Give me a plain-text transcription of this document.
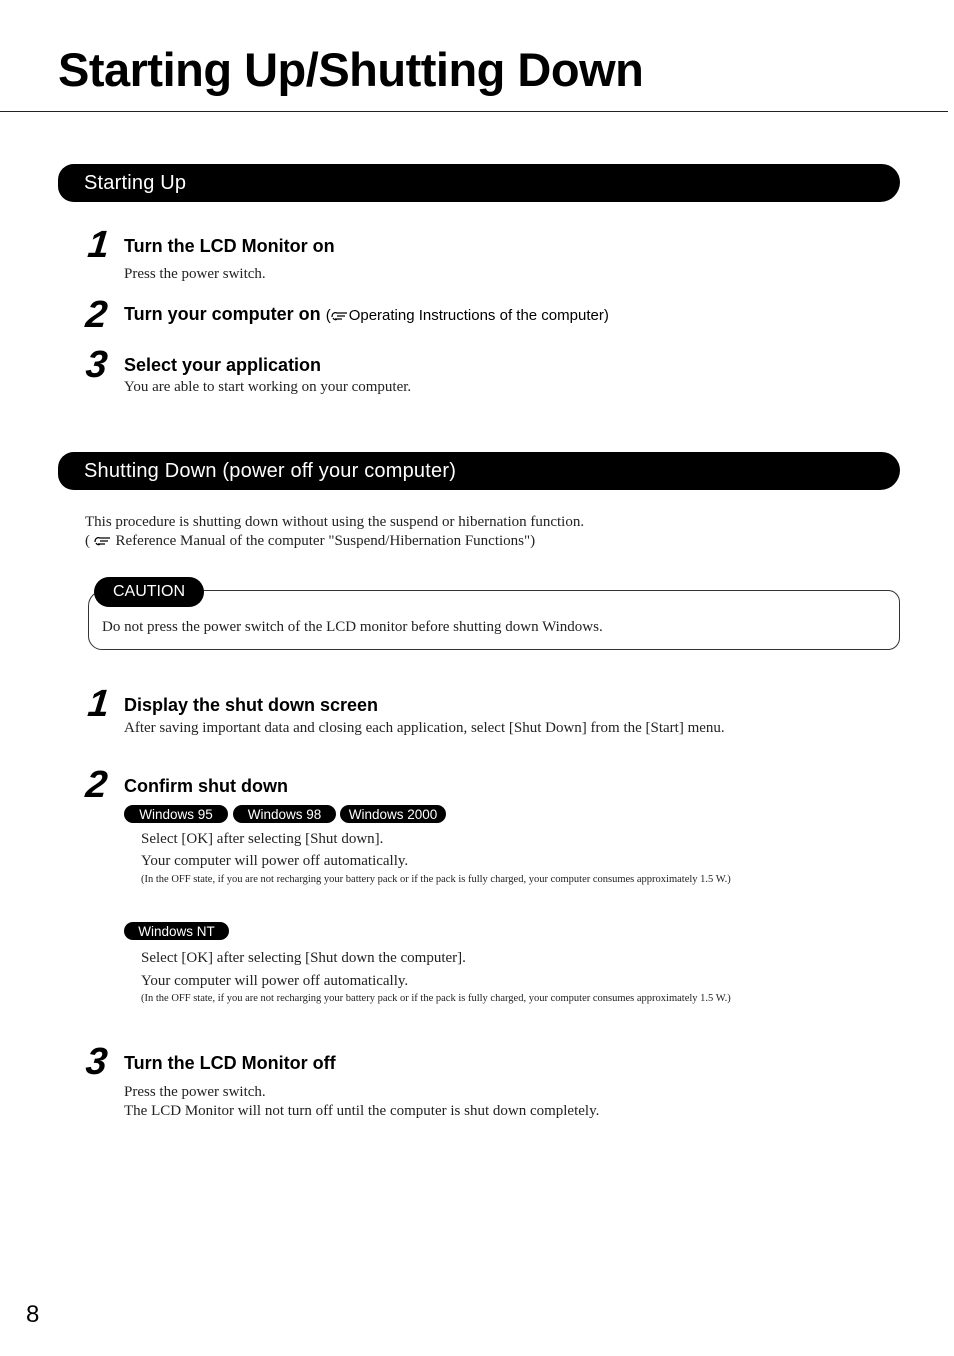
Starting Up/Shutting Down
Starting Up
1 Turn the LCD Monitor on
Press the power switch.
2 Turn your computer on ( Operating Instructions of the computer)
3 Select your application
You are able to start working on your computer.
Shutting Down (power off your computer)
This procedure is shutting down without using the suspend or hibernation function.
( Reference Manual of the computer "Suspend/Hibernation Functions")
CAUTION
Do not press the power switch of the LCD monitor before shutting down Windows.
1 Display the shut down screen
After saving important data and closing each application, select [Shut Down] from the [Start] menu.
2 Confirm shut down
Windows 95	Windows 98	Windows 2000
Select [OK] after selecting [Shut down].
Your computer will power off automatically.
(In the OFF state, if you are not recharging your battery pack or if the pack is fully charged, your computer consumes approximately 1.5 W.)
Windows NT
Select [OK] after selecting [Shut down the computer].
Your computer will power off automatically.
(In the OFF state, if you are not recharging your battery pack or if the pack is fully charged, your computer consumes approximately 1.5 W.)
3 Turn the LCD Monitor off
Press the power switch.
The LCD Monitor will not turn off until the computer is shut down completely.
8
